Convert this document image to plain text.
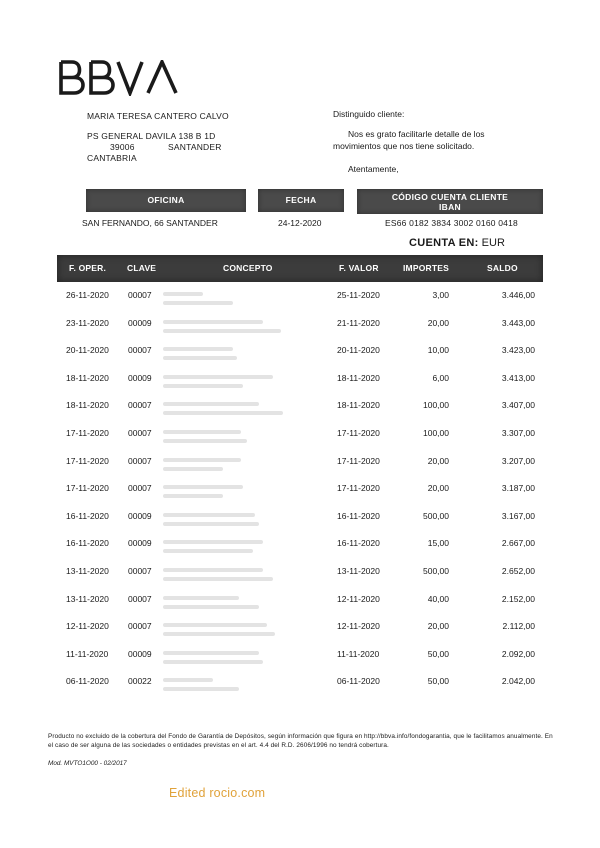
MARIA TERESA CANTERO CALVO
PS GENERAL DAVILA 138 B 1D
39006	SANTANDER
CANTABRIA
Distinguido cliente:
Nos es grato facilitarle detalle de los
movimientos que nos tiene solicitado.
Atentamente,
OFICINA	FECHA	CÓDIGO CUENTA CLIENTE
IBAN
SAN FERNANDO, 66 SANTANDER	24-12-2020	ES66 0182 3834 3002 0160 0418
CUENTA EN: EUR
F. OPER. CLAVE	CONCEPTO	F. VALOR	IMPORTES	SALDO
26-11-2020 00007	25-11-2020	3,00	3.446,00
23-11-2020 00009	21-11-2020	20,00	3.443,00
20-11-2020 00007	20-11-2020	10,00	3.423,00
18-11-2020 00009	18-11-2020	6,00	3.413,00
18-11-2020 00007	18-11-2020	100,00	3.407,00
17-11-2020 00007	17-11-2020	100,00	3.307,00
17-11-2020 00007	17-11-2020	20,00	3.207,00
17-11-2020 00007	17-11-2020	20,00	3.187,00
16-11-2020 00009	16-11-2020	500,00	3.167,00
16-11-2020 00009	16-11-2020	15,00	2.667,00
13-11-2020 00007	13-11-2020	500,00	2.652,00
13-11-2020 00007	12-11-2020	40,00	2.152,00
12-11-2020 00007	12-11-2020	20,00	2.112,00
11-11-2020 00009	11-11-2020	50,00	2.092,00
06-11-2020 00022	06-11-2020	50,00	2.042,00
Producto no excluido de la cobertura del Fondo de Garantía de Depósitos, según información que figura en http://bbva.info/fondogarantia, que le facilitamos anualmente. En el caso de ser alguna de las sociedades o entidades previstas en el art. 4.4 del R.D. 2606/1996 no tendrá cobertura.
Mod. MVTO1O00 - 02/2017
Edited rocio.com
